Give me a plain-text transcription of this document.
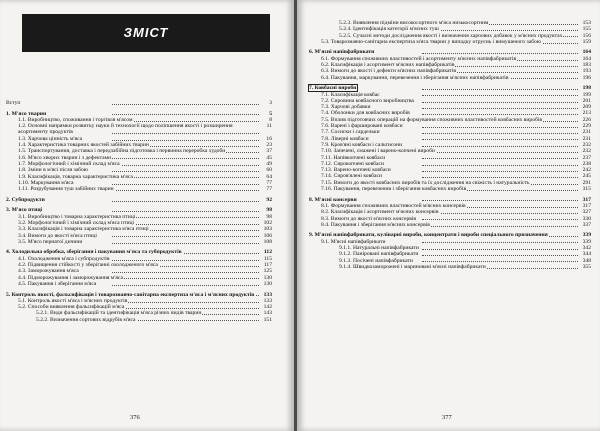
ЗМІСТ
Вступ	3
1. М'ясо тварин	5
1.1. Виробництво, споживання і торгівля м'ясом	8
1.2. Основні напрямки розвитку науки й технології щодо поліпшення якості і розширення асортименту продуктів
11
1.3. Харчова цінність м'яса	16
1.4. Характеристика товарних якостей забійних тварин	23
1.5. Транспортування, доставка і передзабійна підготовка і первинна переробка худоби	37
1.6. М'ясо хворих тварин і з дефектами	45
1.7. Морфологічний і хімічний склад м'яса	49
1.8. Зміни в м'ясі після забою	60
1.9. Класифікація, товарна характеристика м'яса	64
1.10. Маркування м'яса	77
1.11. Розрубування туш забійних тварин	77
2. Субпродукти	92
3. М'ясо птиці	98
3.1. Виробництво і товарна характеристика птиці	98
3.2. Морфологічний і хімічний склад м'яса птиці	102
3.3. Класифікація і товарна характеристика м'яса птиці	103
3.4. Вимоги до якості м'яса птиці	106
3.5. М'ясо пернатої дичини	108
4. Холодильна обробка, зберігання і пакування м'яса та субпродуктів	112
4.1. Охолодження м'яса і субпродуктів	115
4.2. Підвищення стійкості у зберіганні охолодженого м'яса	117
4.3. Заморожування м'яса	125
4.4. Підморожування і заморожування м'яса	130
4.5. Пакування і зберігання м'яса	130
5. Контроль якості, фальсифікація і товарознавчо-санітарна експертиза м'яса і м'ясних продуктів 133
5.1. Контроль якості м'яса і м'ясних продуктів	133
5.2. Способи виявлення фальсифікацій м'яса	142
5.2.1. Види фальсифікацій та ідентифікація м'яса різних видів тварин	143
5.2.2. Визначення сортових відрубів м'яса	151
376
5.2.3. Виявлення підміни високосортного м'яса низькосортним	153
5.2.4. Ідентифікація категорії м'ясних туш	155
5.2.5. Сучасні методи дослідження якості і визначення харчових добавок у м'ясних продуктах	156
5.3. Товарознавчо-санітарна експертиза м'яса тварин у випадку отруєнь і вимушеного забою	159
6. М'ясні напівфабрикати	164
6.1. Формування споживних властивостей і асортименту м'ясних напівфабрикатів	164
6.2. Класифікація і асортимент м'ясних напівфабрикатів	183
6.3. Вимоги до якості і дефекти м'ясних напівфабрикатів	193
6.4. Пакування, маркування, перевезення і зберігання м'ясних напівфабрикатів	196
7. Ковбасні вироби	198
7.1. Класифікація ковбас	199
7.2. Сировина ковбасного виробництва	201
7.3. Харчові добавки	209
7.4. Оболонки для ковбасних виробів	213
7.5. Вплив підготовчих операцій на формування споживних властивостей ковбасних виробів	226
7.6. Варені і фаршировані ковбаси	229
7.7. Сосиски і сардельки	231
7.8. Ліверні ковбаси	231
7.9. Кров'яні ковбаси і сальтисони	232
7.10. Запечені, смажені і варено-копчені вироби	232
7.11. Напівкопчені ковбаси	237
7.12. Сирокопчені ковбаси	238
7.13. Варено-копчені ковбаси	242
7.14. Сиров'ялені ковбаси	245
7.15. Вимоги до якості ковбасних виробів та їх дослідження на свіжість і натуральність	291
7.16. Пакування, перевезення і зберігання ковбасних виробів	315
8. М'ясні консерви	317
8.1. Формування споживних властивостей м'ясних консервів	317
8.2. Класифікація і асортимент м'ясних консервів	327
8.3. Вимоги до якості м'ясних консервів	330
8.4. Пакування і зберігання м'ясних консервів	337
9. М'ясні напівфабрикати, кулінарні вироби, концентрати і вироби спеціального призначення	339
9.1. М'ясні напівфабрикати	339
9.1.1. Натуральні напівфабрикати	342
9.1.2. Паніровані напівфабрикати	344
9.1.3. Посічені напівфабрикати	348
9.1.4. Швидкозаморожені і мариновані м'ясні напівфабрикати	355
377
